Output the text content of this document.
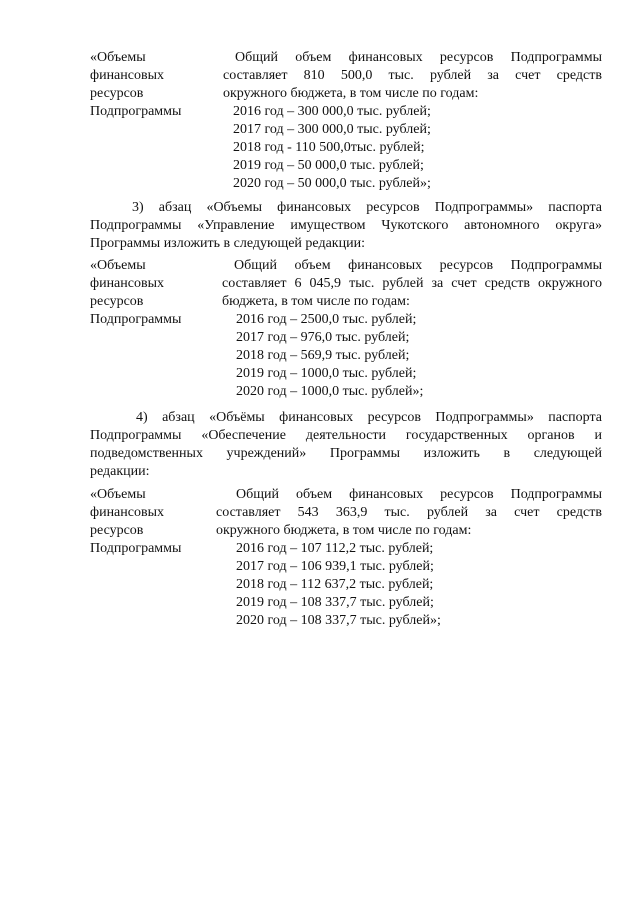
«Объемы
финансовых
ресурсов
Подпрограммы
Общий объем финансовых ресурсов Подпрограммы
составляет 810 500,0 тыс. рублей за счет средств
окружного бюджета, в том числе по годам:
2016 год – 300 000,0 тыс. рублей;
2017 год – 300 000,0 тыс. рублей;
2018 год - 110 500,0тыс. рублей;
2019 год – 50 000,0 тыс. рублей;
2020 год – 50 000,0 тыс. рублей»;
3) абзац «Объемы финансовых ресурсов Подпрограммы» паспорта
Подпрограммы «Управление имуществом Чукотского автономного округа»
Программы изложить в следующей редакции:
«Объемы
финансовых
ресурсов
Подпрограммы
Общий объем финансовых ресурсов Подпрограммы
составляет 6 045,9 тыс. рублей за счет средств окружного
бюджета, в том числе по годам:
2016 год – 2500,0 тыс. рублей;
2017 год – 976,0 тыс. рублей;
2018 год – 569,9 тыс. рублей;
2019 год – 1000,0 тыс. рублей;
2020 год – 1000,0 тыс. рублей»;
4) абзац «Объёмы финансовых ресурсов Подпрограммы» паспорта
Подпрограммы «Обеспечение деятельности государственных органов и
подведомственных учреждений» Программы изложить в следующей
редакции:
«Объемы
финансовых
ресурсов
Подпрограммы
Общий объем финансовых ресурсов Подпрограммы
составляет 543 363,9 тыс. рублей за счет средств
окружного бюджета, в том числе по годам:
2016 год – 107 112,2 тыс. рублей;
2017 год – 106 939,1 тыс. рублей;
2018 год – 112 637,2 тыс. рублей;
2019 год – 108 337,7 тыс. рублей;
2020 год – 108 337,7 тыс. рублей»;
